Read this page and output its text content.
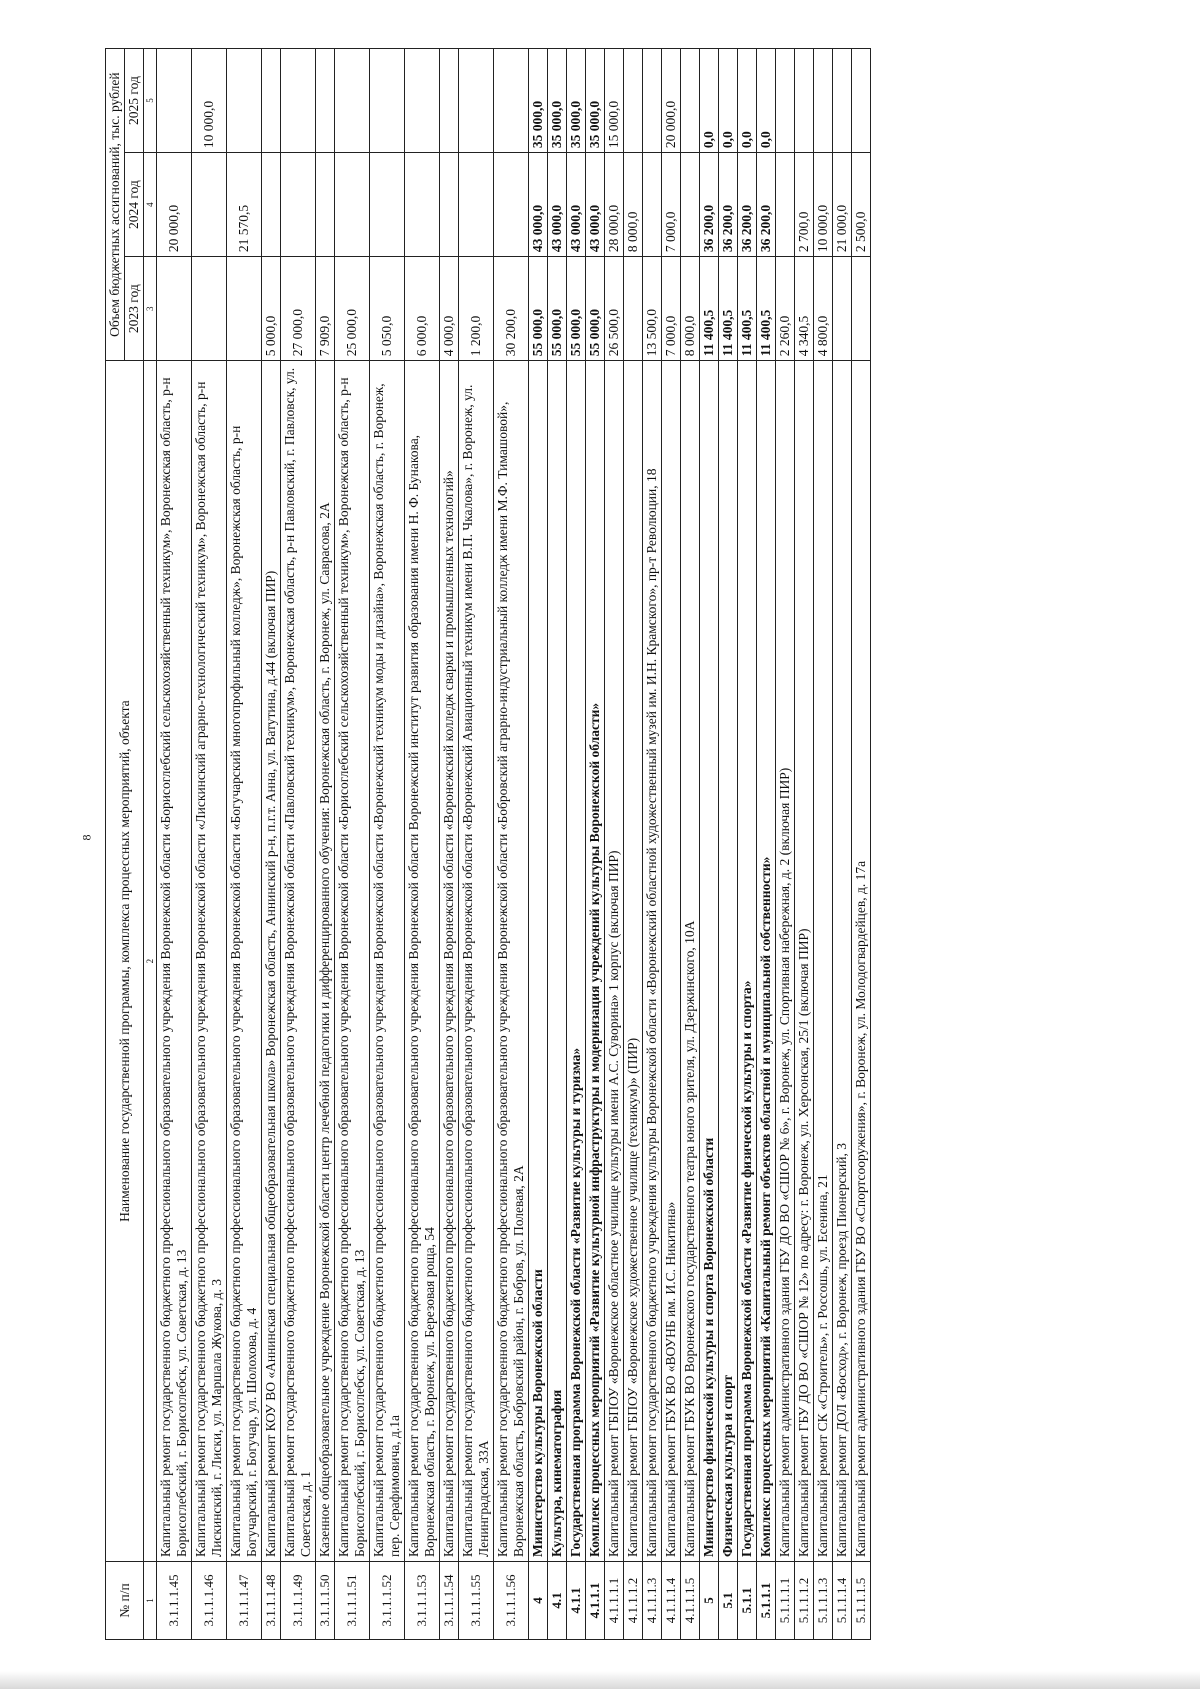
8
№ п/п	Наименование государственной программы, комплекса процессных мероприятий, объекта	Объем бюджетных ассигнований, тыс. рублей		
		2023 год	2024 год	2025 год
1	2	3	4	5
3.1.1.1.45	Капитальный ремонт государственного бюджетного профессионального образовательного учреждения Воронежской области «Борисоглебский сельскохозяйственный техникум», Воронежская область, р-н Борисоглебский, г. Борисоглебск, ул. Советская, д. 13		20 000,0	
3.1.1.1.46	Капитальный ремонт государственного бюджетного профессионального образовательного учреждения Воронежской области «Лискинский аграрно-технологический техникум», Воронежская область, р-н Лискинский, г. Лиски, ул. Маршала Жукова, д. 3			10 000,0
3.1.1.1.47	Капитальный ремонт государственного бюджетного профессионального образовательного учреждения Воронежской области «Богучарский многопрофильный колледж», Воронежская область, р-н Богучарский, г. Богучар, ул. Шолохова, д. 4		21 570,5	
3.1.1.1.48	Капитальный ремонт КОУ ВО «Аннинская специальная общеобразовательная школа» Воронежская область, Аннинский р-н, п.г.т. Анна, ул. Ватутина, д.44 (включая ПИР)	5 000,0		
3.1.1.1.49	Капитальный ремонт государственного бюджетного профессионального образовательного учреждения Воронежской области «Павловский техникум», Воронежская область, р-н Павловский, г. Павловск, ул. Советская, д. 1	27 000,0		
3.1.1.1.50	Казенное общеобразовательное учреждение Воронежской области центр лечебной педагогики и дифференцированного обучения: Воронежская область, г. Воронеж, ул. Саврасова, 2А	7 909,0		
3.1.1.1.51	Капитальный ремонт государственного бюджетного профессионального образовательного учреждения Воронежской области «Борисоглебский сельскохозяйственный техникум», Воронежская область, р-н Борисоглебский, г. Борисоглебск, ул. Советская, д. 13	25 000,0		
3.1.1.1.52	Капитальный ремонт государственного бюджетного профессионального образовательного учреждения Воронежской области «Воронежский техникум моды и дизайна», Воронежская область, г. Воронеж, пер. Серафимовича, д.1а	5 050,0		
3.1.1.1.53	Капитальный ремонт государственного бюджетного профессионального образовательного учреждения Воронежской области Воронежский институт развития образования имени Н. Ф. Бунакова, Воронежская область, г. Воронеж, ул. Березовая роща, 54	6 000,0		
3.1.1.1.54	Капитальный ремонт государственного бюджетного профессионального образовательного учреждения Воронежской области «Воронежский колледж сварки и промышленных технологий»	4 000,0		
3.1.1.1.55	Капитальный ремонт государственного бюджетного профессионального образовательного учреждения Воронежской области «Воронежский Авиационный техникум имени В.П. Чкалова», г. Воронеж, ул. Ленинградская, 33А	1 200,0		
3.1.1.1.56	Капитальный ремонт государственного бюджетного профессионального образовательного учреждения Воронежской области «Бобровский аграрно-индустриальный колледж имени М.Ф. Тимашовой», Воронежская область, Бобровский район, г. Бобров, ул. Полевая, 2А	30 200,0		
4	Министерство культуры Воронежской области	55 000,0	43 000,0	35 000,0
4.1	Культура, кинематография	55 000,0	43 000,0	35 000,0
4.1.1	Государственная программа Воронежской области «Развитие культуры и туризма»	55 000,0	43 000,0	35 000,0
4.1.1.1	Комплекс процессных мероприятий «Развитие культурной инфраструктуры и модернизация учреждений культуры Воронежской области»	55 000,0	43 000,0	35 000,0
4.1.1.1.1	Капитальный ремонт ГБПОУ «Воронежское областное училище культуры имени А.С. Суворина» 1 корпус (включая ПИР)	26 500,0	28 000,0	15 000,0
4.1.1.1.2	Капитальный ремонт ГБПОУ «Воронежское художественное училище (техникум)» (ПИР)		8 000,0	
4.1.1.1.3	Капитальный ремонт государственного бюджетного учреждения культуры Воронежской области «Воронежский областной художественный музей им. И.Н. Крамского», пр-т Революции, 18	13 500,0		
4.1.1.1.4	Капитальный ремонт ГБУК ВО «ВОУНБ им. И.С. Никитина»	7 000,0	7 000,0	20 000,0
4.1.1.1.5	Капитальный ремонт ГБУК ВО Воронежского государственного театра юного зрителя, ул. Дзержинского, 10А	8 000,0		
5	Министерство физической культуры и спорта Воронежской области	11 400,5	36 200,0	0,0
5.1	Физическая культура и спорт	11 400,5	36 200,0	0,0
5.1.1	Государственная программа Воронежской области «Развитие физической культуры и спорта»	11 400,5	36 200,0	0,0
5.1.1.1	Комплекс процессных мероприятий «Капитальный ремонт объектов областной и муниципальной собственности»	11 400,5	36 200,0	0,0
5.1.1.1.1	Капитальный ремонт административного здания ГБУ ДО ВО «СШОР № 6», г. Воронеж, ул. Спортивная набережная, д. 2 (включая ПИР)	2 260,0		
5.1.1.1.2	Капитальный ремонт ГБУ ДО ВО «СШОР № 12» по адресу: г. Воронеж, ул. Херсонская, 25/1 (включая ПИР)	4 340,5	2 700,0	
5.1.1.1.3	Капитальный ремонт СК «Строитель», г. Россошь, ул. Есенина, 21	4 800,0	10 000,0	
5.1.1.1.4	Капитальный ремонт ДОЛ «Восход», г. Воронеж, проезд Пионерский, 3		21 000,0	
5.1.1.1.5	Капитальный ремонт административного здания ГБУ ВО «Спортсооружения», г. Воронеж, ул. Молодогвардейцев, д. 17а		2 500,0	
